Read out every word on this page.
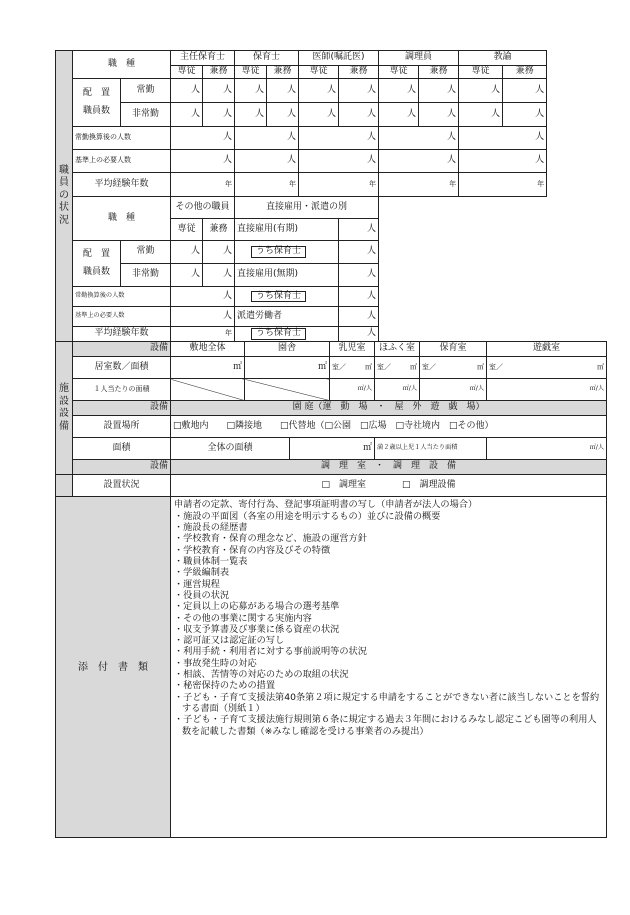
職
員
の
状
況	職　種		主任保育士		保育士		医師(嘱託医)		調理員		教諭	
			専従	兼務	専従	兼務	専従	兼務	専従	兼務	専従	兼務

	配　置
職員数	常勤	人	人	人	人	人	人	人	人	人	人
		非常勤	人	人	人	人	人	人	人	人	人	人
	常勤換算後の人数		人		人		人		人		人	
	基準上の必要人数		人		人		人		人		人	
	平均経験年数		年		年		年		年		年	
	職　種		その他の職員		直接雇用・派遣の別							
			専従	兼務	直接雇用(有期)			人				

	配　置
職員数	常勤	人	人	うち保育士			人				
		非常勤	人	人	直接雇用(無期)			人				
	常勤換算後の人数		人		うち保育士			人				
	基準上の必要人数		人		派遣労働者			人				
	平均経験年数		年		うち保育士			人				
施
設
設
備	設備	敷地全体	園舎		乳児室	ほふく室	保育室	遊戯室
	居室数／面積	㎡	㎡		室／ ㎡	室／ ㎡	室／ ㎡	室／ ㎡

	１人当たりの面積				㎡/人	㎡/人	㎡/人	㎡/人
	設備	園 庭（運　動　場　・　屋　外　遊　戯　場）						
	設置場所	□敷地内　　□隣接地　　□代替地（□公園　□広場　□寺社境内　□その他）						
	面積	全体の面積		㎡		満２歳以上児１人当たり面積		㎡/人
	設備	調　理　室　・　調　理　設　備						
	設置状況	□　調理室　　　　□　調理設備						
添　付　書　類	
申請者の定款、寄付行為、登記事項証明書の写し（申請者が法人の場合）
・施設の平面図（各室の用途を明示するもの）並びに設備の概要
・施設長の経歴書
・学校教育・保育の理念など、施設の運営方針
・学校教育・保育の内容及びその特徴
・職員体制一覧表
・学級編制表
・運営規程
・役員の状況
・定員以上の応募がある場合の選考基準
・その他の事業に関する実施内容
・収支予算書及び事業に係る資産の状況
・認可証又は認定証の写し
・利用手続・利用者に対する事前説明等の状況
・事故発生時の対応
・相談、苦情等の対応のための取組の状況
・秘密保持のための措置
・子ども・子育て支援法第40条第２項に規定する申請をすることができない者に該当しないことを誓約する書面（別紙１）
・子ども・子育て支援法施行規則第６条に規定する過去３年間におけるみなし認定こども園等の利用人数を記載した書類（※みなし確認を受ける事業者のみ提出）
